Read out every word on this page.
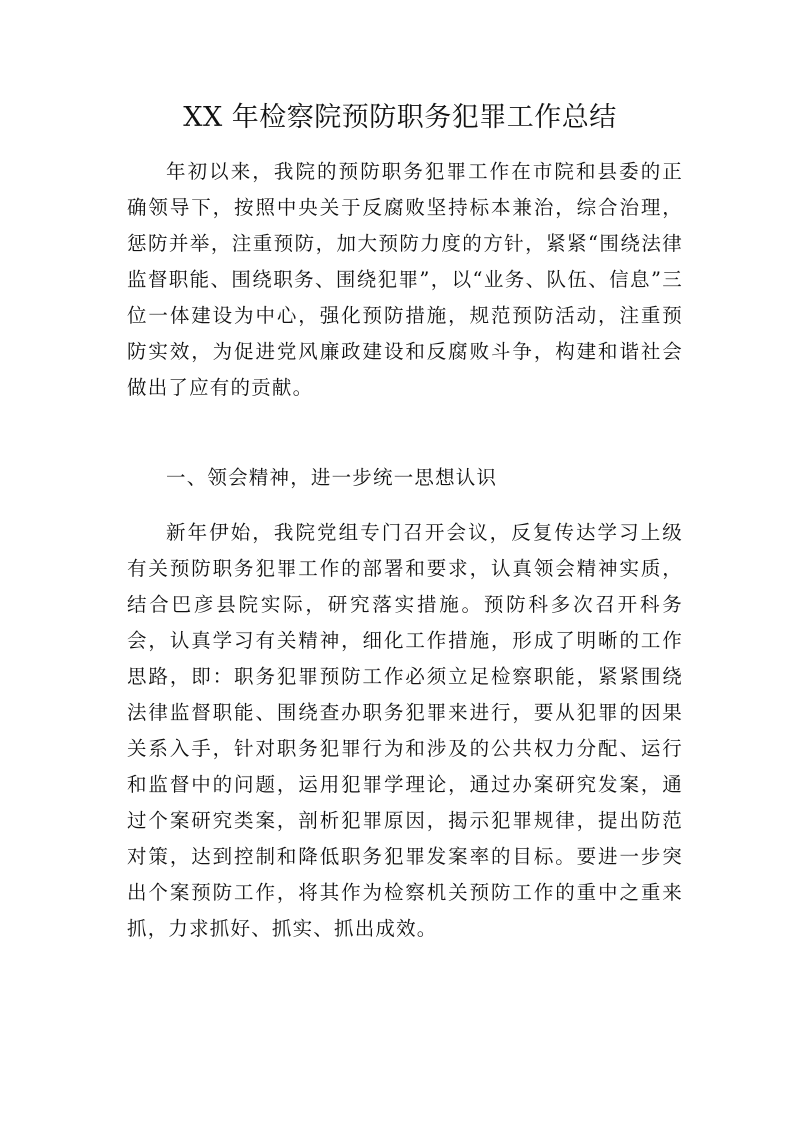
XX 年检察院预防职务犯罪工作总结

年初以来，我院的预防职务犯罪工作在市院和县委的正确领导下，按照中央关于反腐败坚持标本兼治，综合治理，惩防并举，注重预防，加大预防力度的方针，紧紧“围绕法律监督职能、围绕职务、围绕犯罪”，以“业务、队伍、信息”三位一体建设为中心，强化预防措施，规范预防活动，注重预防实效，为促进党风廉政建设和反腐败斗争，构建和谐社会做出了应有的贡献。

一、领会精神，进一步统一思想认识

新年伊始，我院党组专门召开会议，反复传达学习上级有关预防职务犯罪工作的部署和要求，认真领会精神实质，结合巴彦县院实际，研究落实措施。预防科多次召开科务会，认真学习有关精神，细化工作措施，形成了明晰的工作思路，即：职务犯罪预防工作必须立足检察职能，紧紧围绕法律监督职能、围绕查办职务犯罪来进行，要从犯罪的因果关系入手，针对职务犯罪行为和涉及的公共权力分配、运行和监督中的问题，运用犯罪学理论，通过办案研究发案，通过个案研究类案，剖析犯罪原因，揭示犯罪规律，提出防范对策，达到控制和降低职务犯罪发案率的目标。要进一步突出个案预防工作，将其作为检察机关预防工作的重中之重来抓，力求抓好、抓实、抓出成效。
